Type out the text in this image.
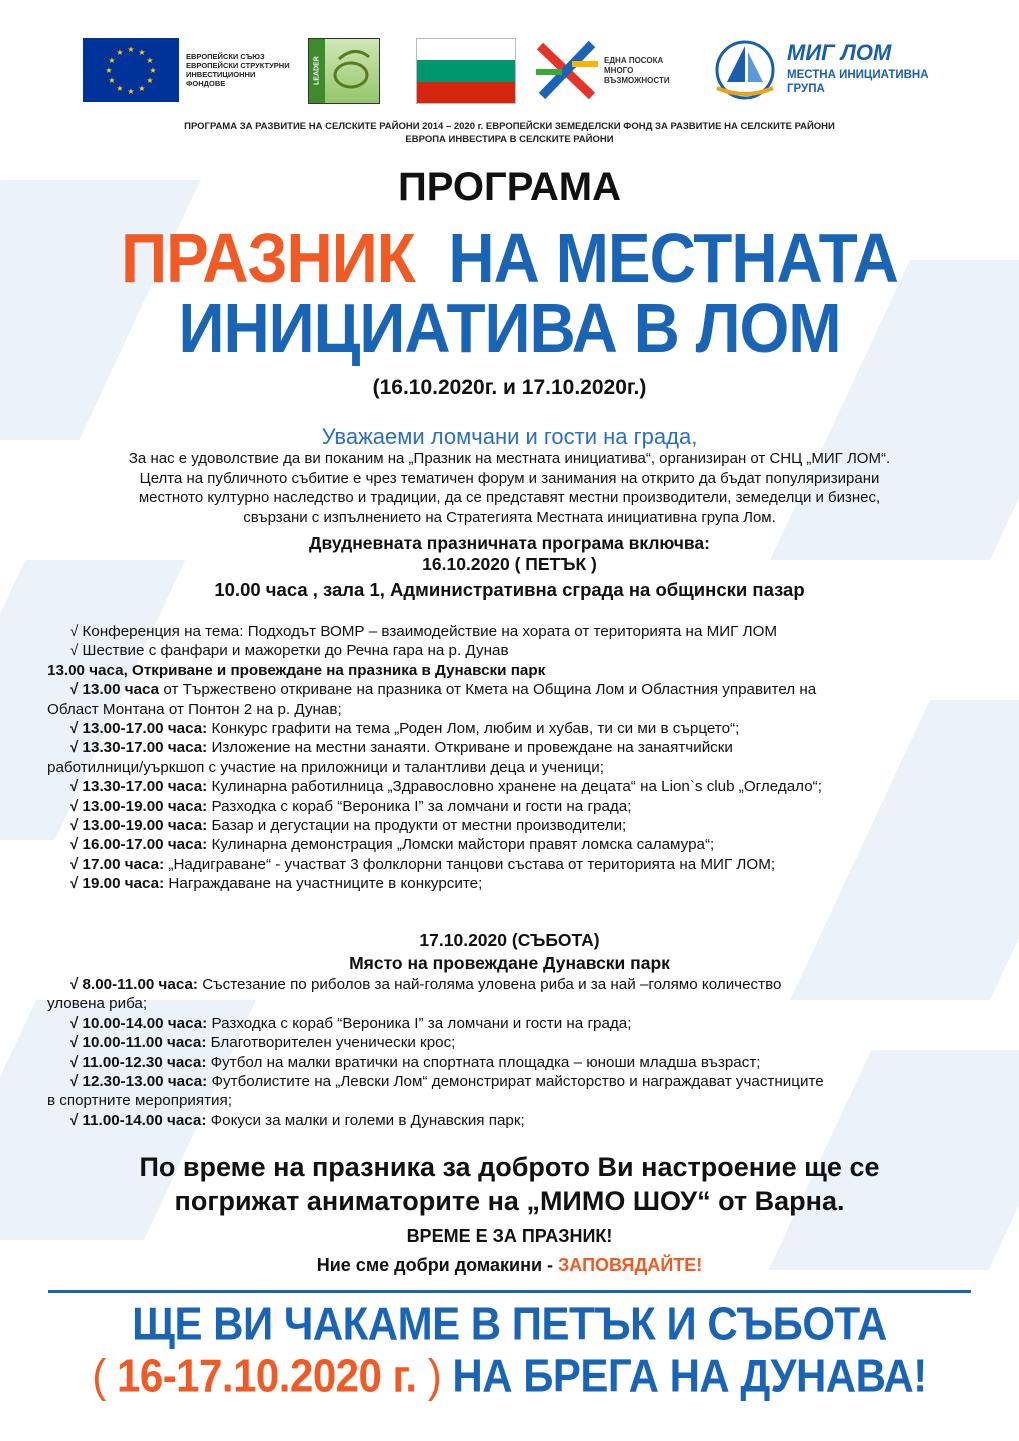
★ ★
★
★
★
★
★
★
★
★
★
★	ЕВРОПЕЙСКИ СЪЮЗ
ЕВРОПЕЙСКИ СТРУКТУРНИ
ИНВЕСТИЦИОННИ
ФОНДОВЕ	LEADER	ЕДНА ПОСОКА
МНОГО
ВЪЗМОЖНОСТИ
МИГ ЛОМ
МЕСТНА ИНИЦИАТИВНА
ГРУПА
ПРОГРАМА ЗА РАЗВИТИЕ НА СЕЛСКИТЕ РАЙОНИ 2014 – 2020 г. ЕВРОПЕЙСКИ ЗЕМЕДЕЛСКИ ФОНД ЗА РАЗВИТИЕ НА СЕЛСКИТЕ РАЙОНИ
ЕВРОПА ИНВЕСТИРА В СЕЛСКИТЕ РАЙОНИ
ПРОГРАМА
ПРАЗНИК НА МЕСТНАТА
ИНИЦИАТИВА В ЛОМ
(16.10.2020г. и 17.10.2020г.)
Уважаеми ломчани и гости на града,
За нас е удоволствие да ви поканим на „Празник на местната инициатива“, организиран от СНЦ „МИГ ЛОМ“.
Целта на публичното събитие е чрез тематичен форум и занимания на открито да бъдат популяризирани
местното културно наследство и традиции, да се представят местни производители, земеделци и бизнес,
свързани с изпълнението на Стратегията Местната инициативна група Лом.
Двудневната празничната програма включва:
16.10.2020 ( ПЕТЪК )
10.00 часа , зала 1, Административна сграда на общински пазар

√ Конференция на тема: Подходът ВОМР – взаимодействие на хората от територията на МИГ ЛОМ

√ Шествие с фанфари и мажоретки до Речна гара на р. Дунав

13.00 часа, Откриване и провеждане на празника в Дунавски парк

√ 13.00 часа от Тържествено откриване на празника от Кмета на Община Лом и Областния управител на

Област Монтана от Понтон 2 на р. Дунав;

√ 13.00-17.00 часа: Конкурс графити на тема „Роден Лом, любим и хубав, ти си ми в сърцето“;

√ 13.30-17.00 часа: Изложение на местни занаяти. Откриване и провеждане на занаятчийски

работилници/уъркшоп с участие на приложници и талантливи деца и ученици;

√ 13.30-17.00 часа: Кулинарна работилница „Здравословно хранене на децата“ на Lion`s club „Огледало“;

√ 13.00-19.00 часа: Разходка с кораб “Вероника I” за ломчани и гости на града;

√ 13.00-19.00 часа: Базар и дегустации на продукти от местни производители;

√ 16.00-17.00 часа: Кулинарна демонстрация „Ломски майстори правят ломска саламура“;

√ 17.00 часа: „Надигравaне“ - участват 3 фолклорни танцови състава от територията на МИГ ЛОМ;

√ 19.00 часа: Награждаване на участниците в конкурсите;

17.10.2020 (СЪБОТА)
Място на провеждане Дунавски парк

√ 8.00-11.00 часа: Състезание по риболов за най-голяма уловена риба и за най –голямо количество

уловена риба;

√ 10.00-14.00 часа: Разходка с кораб “Вероника I” за ломчани и гости на града;

√ 10.00-11.00 часа: Благотворителен ученически крос;

√ 11.00-12.30 часа: Футбол на малки вратички на спортната площадка – юноши младша възраст;

√ 12.30-13.00 часа: Футболистите на „Левски Лом“ демонстрират майсторство и награждават участниците

в спортните мероприятия;

√ 11.00-14.00 часа: Фокуси за малки и големи в Дунавския парк;

По време на празника за доброто Ви настроение ще се
погрижат аниматорите на „МИМО ШОУ“ от Варна.
ВРЕМЕ Е ЗА ПРАЗНИК!
Ние сме добри домакини - ЗАПОВЯДАЙТЕ!
ЩЕ ВИ ЧАКАМЕ В ПЕТЪК И СЪБОТА
( 16-17.10.2020 г. ) НА БРЕГА НА ДУНАВА!
